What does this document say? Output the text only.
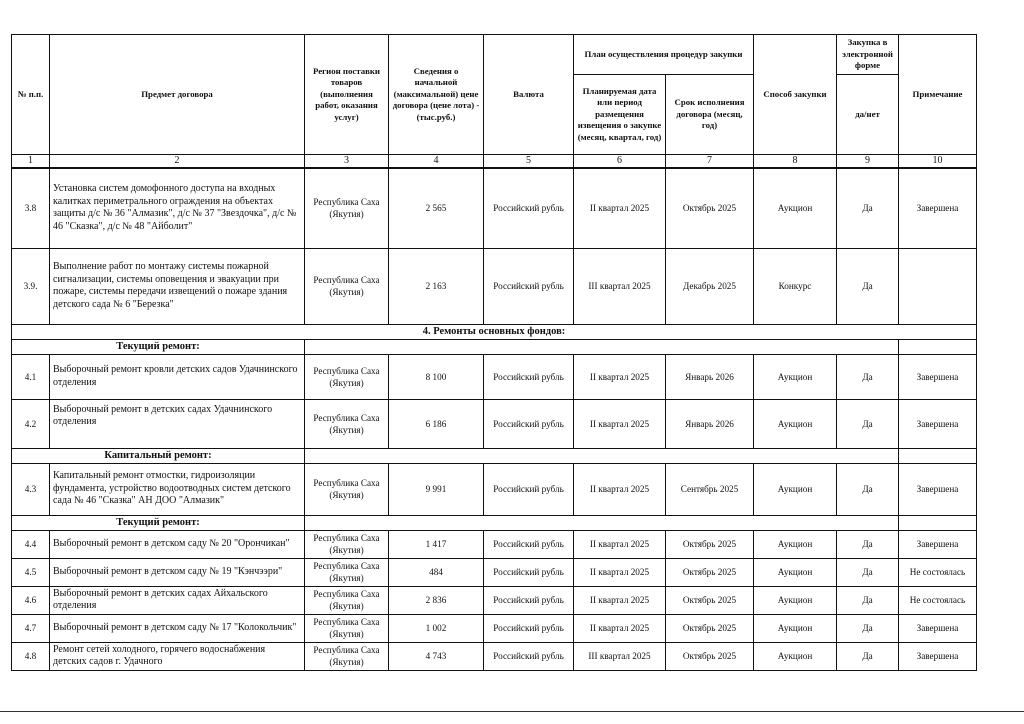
№ п.п.	Предмет договора	Регион поставки товаров (выполнения работ, оказания услуг)	Сведения о начальной (максимальной) цене договора (цене лота) - (тыс.руб.)	Валюта	План осуществления процедур закупки		Способ закупки	Закупка в электронной форме	Примечание
					Планируемая дата или период размещения извещения о закупке (месяц, квартал, год)	Срок исполнения договора (месяц, год)		да/нет	
1	2	3	4	5	6	7	8	9	10
3.8	Установка систем домофонного доступа на входных калитках периметрального ограждения на объектах защиты д/с № 36 "Алмазик", д/с № 37 "Звездочка", д/с № 46 "Сказка", д/с № 48 "Айболит"	Республика Саха (Якутия)	2 565	Российский рубль	II квартал 2025	Октябрь 2025	Аукцион	Да	Завершена
3.9.	Выполнение работ по монтажу системы пожарной сигнализации, системы оповещения и эвакуации при пожаре, системы передачи извещений о пожаре здания детского сада № 6 "Березка"	Республика Саха (Якутия)	2 163	Российский рубль	III квартал 2025	Декабрь 2025	Конкурс	Да	
4. Ремонты основных фондов:									
Текущий ремонт:									
4.1	Выборочный ремонт кровли детских садов Удачнинского отделения	Республика Саха (Якутия)	8 100	Российский рубль	II квартал 2025	Январь 2026	Аукцион	Да	Завершена
4.2	Выборочный ремонт в детских садах Удачнинского отделения	Республика Саха (Якутия)	6 186	Российский рубль	II квартал 2025	Январь 2026	Аукцион	Да	Завершена
Капитальный ремонт:									
4.3	Капитальный ремонт отмостки, гидроизоляции фундамента, устройство водоотводных систем детского сада № 46 "Сказка" АН ДОО "Алмазик"	Республика Саха (Якутия)	9 991	Российский рубль	II квартал 2025	Сентябрь 2025	Аукцион	Да	Завершена
Текущий ремонт:									
4.4	Выборочный ремонт в детском саду № 20 "Орончикан"	Республика Саха (Якутия)	1 417	Российский рубль	II квартал 2025	Октябрь 2025	Аукцион	Да	Завершена
4.5	Выборочный ремонт в детском саду № 19 "Кэнчээри"	Республика Саха (Якутия)	484	Российский рубль	II квартал 2025	Октябрь 2025	Аукцион	Да	Не состоялась
4.6	Выборочный ремонт в детских садах Айхальского отделения	Республика Саха (Якутия)	2 836	Российский рубль	II квартал 2025	Октябрь 2025	Аукцион	Да	Не состоялась
4.7	Выборочный ремонт в детском саду № 17 "Колокольчик"	Республика Саха (Якутия)	1 002	Российский рубль	II квартал 2025	Октябрь 2025	Аукцион	Да	Завершена
4.8	Ремонт сетей холодного, горячего водоснабжения детских садов г. Удачного	Республика Саха (Якутия)	4 743	Российский рубль	III квартал 2025	Октябрь 2025	Аукцион	Да	Завершена
